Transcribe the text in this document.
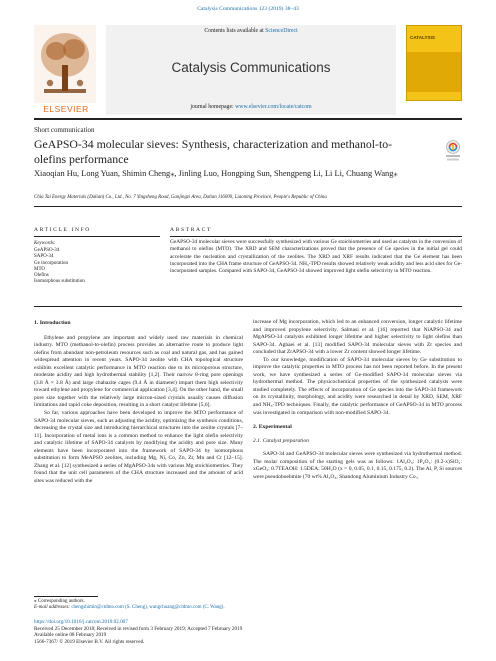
Catalysis Communications 123 (2019) 38–43
ELSEVIER
Contents lists available at ScienceDirect
Catalysis Communications
journal homepage: www.elsevier.com/locate/catcom
CATALYSIS
Short communication
GeAPSO-34 molecular sieves: Synthesis, characterization and methanol-to-olefins performance
Xiaoqian Hu, Long Yuan, Shimin Cheng⁎, Jinling Luo, Hongping Sun, Shengpeng Li, Li Li, Chuang Wang⁎
Chia Tai Energy Materials (Dalian) Co., Ltd., No. 7 Yingsheng Road, Ganjingzi Area, Dalian 116000, Liaoning Province, People's Republic of China
ARTICLE INFO
Keywords:
GeAPSO-34
SAPO-34
Ge incorporation
MTO
Olefins
Isomorphous substitution
ABSTRACT
GeAPSO-34 molecular sieves were successfully synthesized with various Ge stoichiometries and used as catalysts in the conversion of methanol to olefins (MTO). The XRD and SEM characterizations proved that the presence of Ge species in the initial gel could accelerate the nucleation and crystallization of the zeolites. The XRD and XRF results indicated that the Ge element has been incorporated into the CHA frame structure of GeAPSO-34. NH₃-TPD results showed relatively weak acidity and less acid sites for Ge-incorporated samples. Compared with SAPO-34, GeAPSO-34 showed improved light olefin selectivity in MTO reaction.
1. Introduction

Ethylene and propylene are important and widely used raw materials in chemical industry. MTO (methanol-to-olefin) process provides an alternative route to produce light olefins from abundant non-petroleum resources such as coal and natural gas, and has gained widespread attention in recent years. SAPO-34 zeolite with CHA topological structure exhibits excellent catalytic performance in MTO reaction due to its microporous structure, moderate acidity and high hydrothermal stability [1,2]. Their narrow 8-ring pore openings (3.8 Å × 3.8 Å) and large chabazite cages (9.4 Å in diameter) impart them high selectivity toward ethylene and propylene for commercial application [3,4]. On the other hand, the small pore size together with the relatively large micron-sized crystals usually causes diffusion limitations and rapid coke deposition, resulting in a short catalyst lifetime [5,6].

So far, various approaches have been developed to improve the MTO performance of SAPO-34 molecular sieves, such as adjusting the acidity, optimizing the synthesis conditions, decreasing the crystal size and introducing hierarchical structures into the zeolite crystals [7–11]. Incorporation of metal ions is a common method to enhance the light olefin selectivity and catalytic lifetime of SAPO-34 catalysts by modifying the acidity and pore size. Many elements have been incorporated into the framework of SAPO-34 by isomorphous substitution to form MeAPSO zeolites, including Mg, Ni, Co, Zn, Zr, Mn and Cr [12–15]. Zhang et al. [12] synthesized a series of MgAPSO-34s with various Mg stoichiometries. They found that the unit cell parameters of the CHA structure increased and the amount of acid sites was reduced with the

increase of Mg incorporation, which led to an enhanced conversion, longer catalytic lifetime and improved propylene selectivity. Salmasi et al. [16] reported that NiAPSO-34 and MgAPSO-34 catalysts exhibited longer lifetime and higher selectivity to light olefins than SAPO-34. Aghaei et al. [13] modified SAPO-34 molecular sieves with Zr species and concluded that ZrAPSO-34 with a lower Zr content showed longer lifetime.

To our knowledge, modification of SAPO-34 molecular sieves by Ge substitution to improve the catalytic properties in MTO process has not been reported before. In the present work, we have synthesized a series of Ge-modified SAPO-34 molecular sieves via hydrothermal method. The physicochemical properties of the synthesized catalysts were studied completely. The effects of incorporation of Ge species into the SAPO-34 framework on its crystallinity, morphology, and acidity were researched in detail by XRD, SEM, XRF and NH₃-TPD techniques. Finally, the catalytic performance of GeAPSO-34 in MTO process was investigated in comparison with non-modified SAPO-34.

2. Experimental
2.1. Catalyst preparation

SAPO-34 and GeAPSO-34 molecular sieves were synthesized via hydrothermal method. The molar composition of the starting gels was as follows: 1Al₂O₃: 1P₂O₅: (0.2-x)SiO₂: xGeO₂: 0.7TEAOH: 1.5DEA: 50H₂O (x = 0, 0.05, 0.1, 0.15, 0.175, 0.2). The Al, P, Si sources were pseudoboehmite (70 wt% Al₂O₃, Shandong Aluminium Industry Co.,

⁎ Corresponding authors.
E-mail addresses: chengshimin@ctdmo.com (S. Cheng), wangchuang@ctdmo.com (C. Wang).
https://doi.org/10.1016/j.catcom.2019.02.007
Received 25 December 2018; Received in revised form 3 February 2019; Accepted 7 February 2019
Available online 08 February 2019
1566-7367/ © 2019 Elsevier B.V. All rights reserved.
